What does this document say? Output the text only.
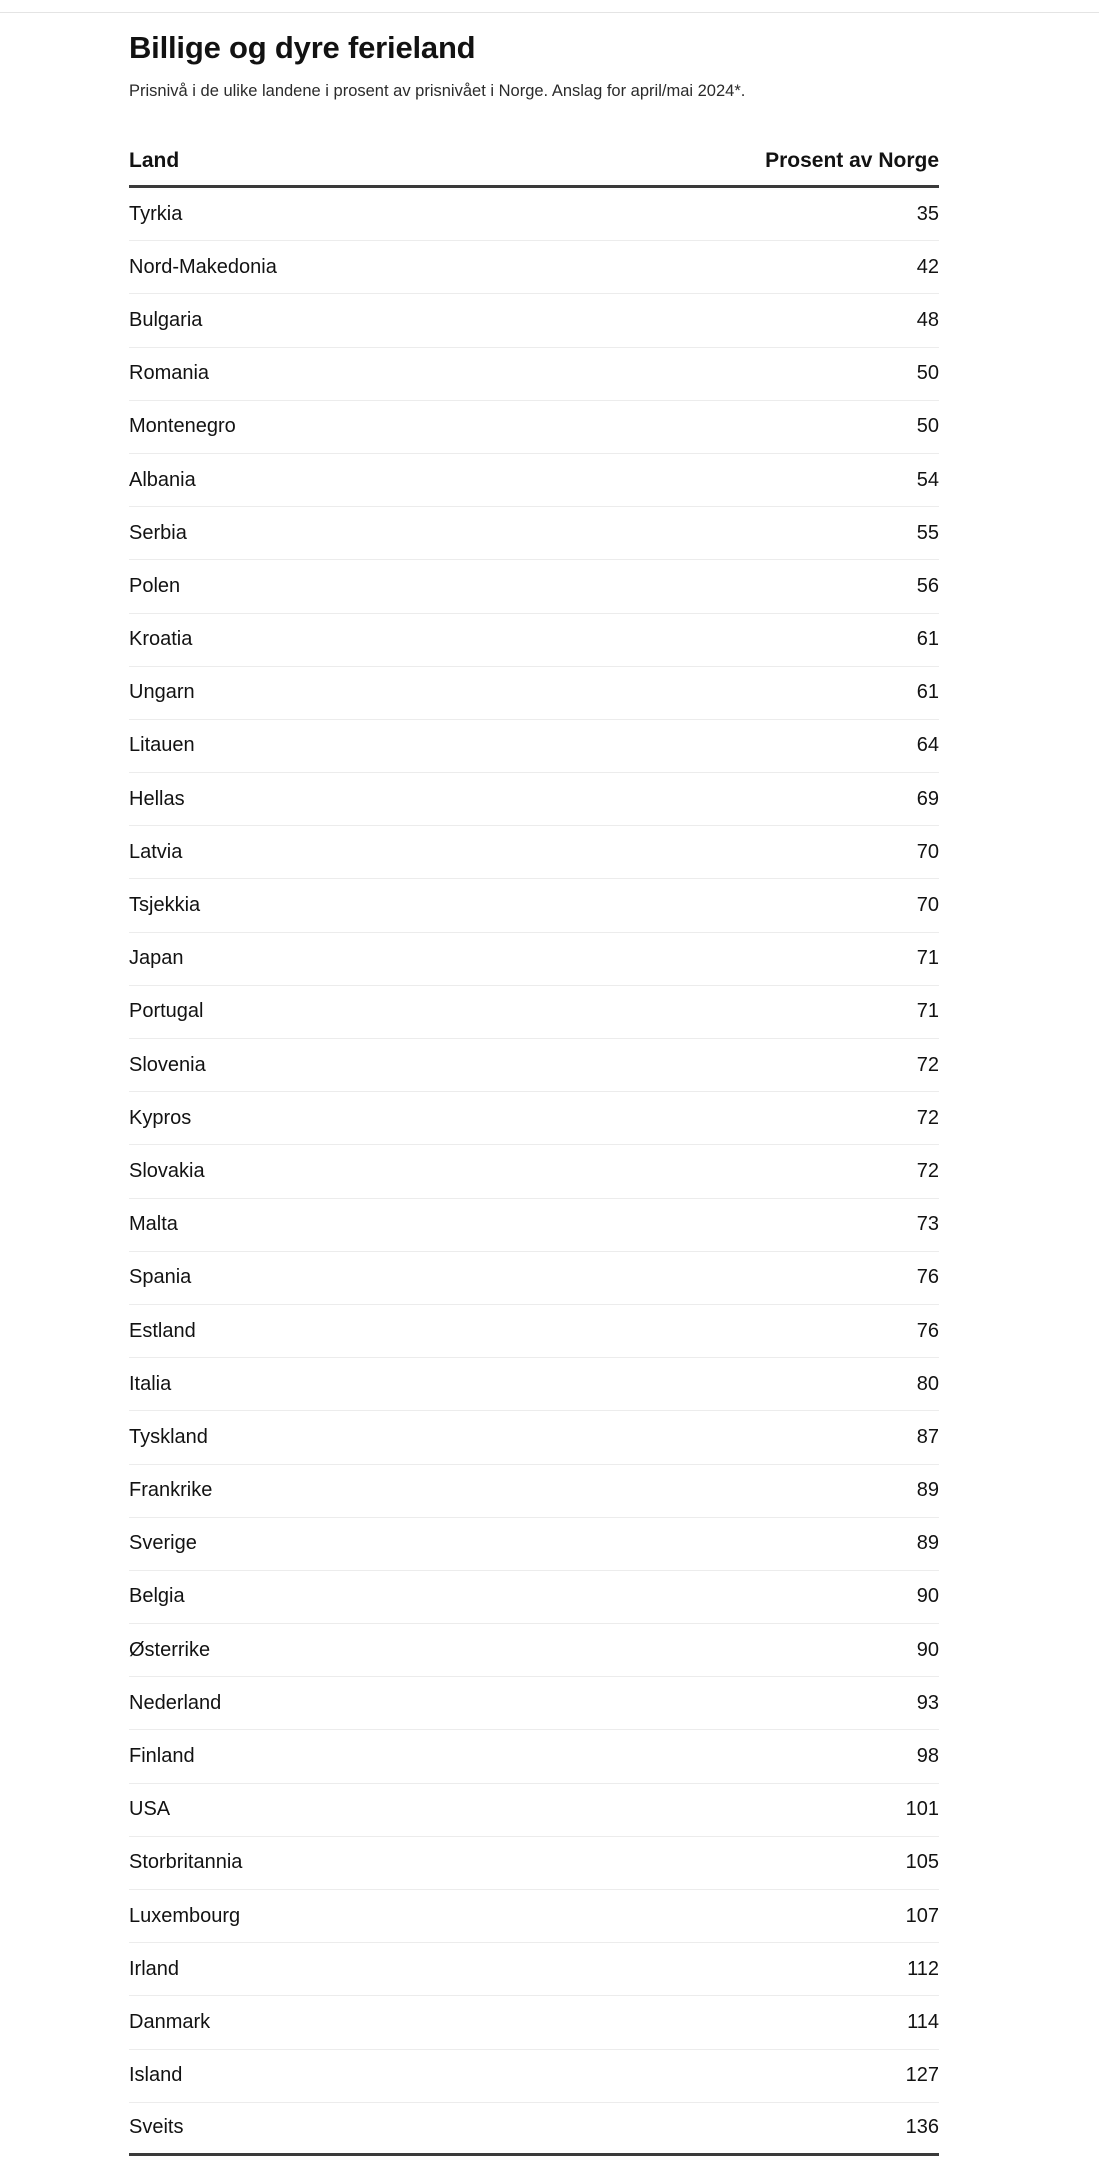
Billige og dyre ferieland

Prisnivå i de ulike landene i prosent av prisnivået i Norge. Anslag for april/mai 2024*.

Land	Prosent av Norge
Tyrkia	35
Nord-Makedonia	42
Bulgaria	48
Romania	50
Montenegro	50
Albania	54
Serbia	55
Polen	56
Kroatia	61
Ungarn	61
Litauen	64
Hellas	69
Latvia	70
Tsjekkia	70
Japan	71
Portugal	71
Slovenia	72
Kypros	72
Slovakia	72
Malta	73
Spania	76
Estland	76
Italia	80
Tyskland	87
Frankrike	89
Sverige	89
Belgia	90
Østerrike	90
Nederland	93
Finland	98
USA	101
Storbritannia	105
Luxembourg	107
Irland	112
Danmark	114
Island	127
Sveits	136
